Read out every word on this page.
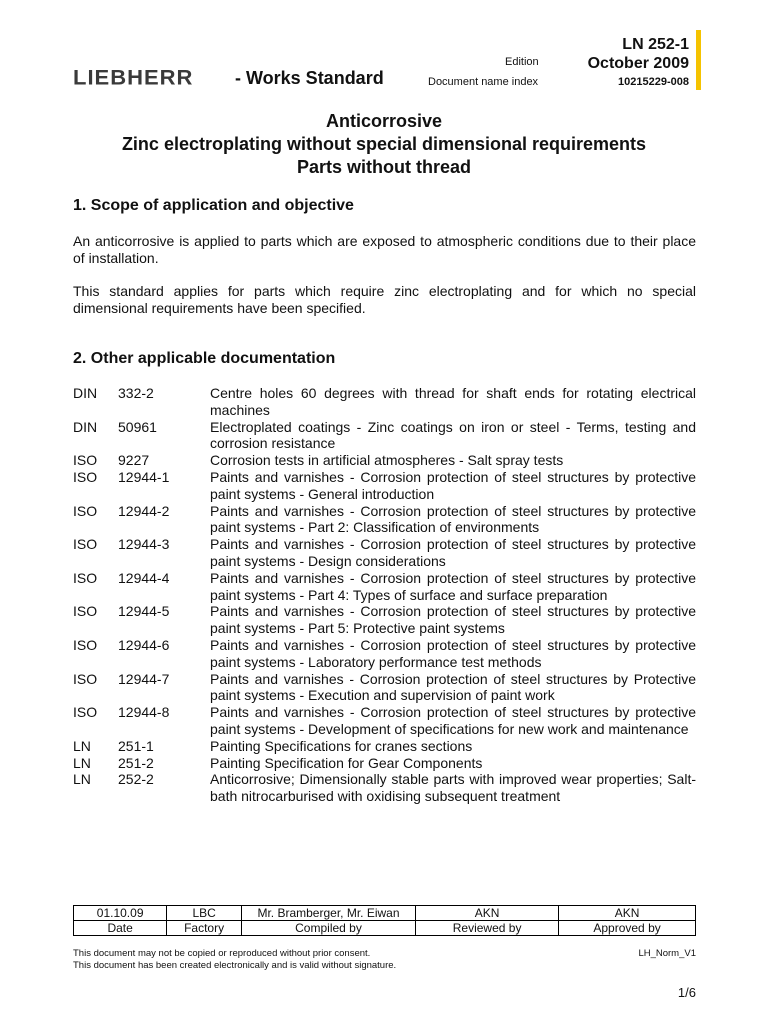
LIEBHERR - Works Standard
Edition
Document name index
LN 252-1
October 2009
10215229-008
Anticorrosive
Zinc electroplating without special dimensional requirements
Parts without thread
1. Scope of application and objective
An anticorrosive is applied to parts which are exposed to atmospheric conditions due to their place of installation.
This standard applies for parts which require zinc electroplating and for which no special dimensional requirements have been specified.
2. Other applicable documentation
DIN	332-2	Centre holes 60 degrees with thread for shaft ends for rotating electrical machines
DIN	50961	Electroplated coatings - Zinc coatings on iron or steel - Terms, testing and corrosion resistance
ISO	9227	Corrosion tests in artificial atmospheres - Salt spray tests
ISO	12944-1	Paints and varnishes - Corrosion protection of steel structures by protective paint systems - General introduction
ISO	12944-2	Paints and varnishes - Corrosion protection of steel structures by protective paint systems - Part 2: Classification of environments
ISO	12944-3	Paints and varnishes - Corrosion protection of steel structures by protective paint systems - Design considerations
ISO	12944-4	Paints and varnishes - Corrosion protection of steel structures by protective paint systems - Part 4: Types of surface and surface preparation
ISO	12944-5	Paints and varnishes - Corrosion protection of steel structures by protective paint systems - Part 5: Protective paint systems
ISO	12944-6	Paints and varnishes - Corrosion protection of steel structures by protective paint systems - Laboratory performance test methods
ISO	12944-7	Paints and varnishes - Corrosion protection of steel structures by Protective paint systems - Execution and supervision of paint work
ISO	12944-8	Paints and varnishes - Corrosion protection of steel structures by protective paint systems - Development of specifications for new work and maintenance
LN	251-1	Painting Specifications for cranes sections
LN	251-2	Painting Specification for Gear Components
LN	252-2	Anticorrosive; Dimensionally stable parts with improved wear properties; Salt-bath nitrocarburised with oxidising subsequent treatment
01.10.09	LBC	Mr. Bramberger, Mr. Eiwan	AKN	AKN
Date	Factory	Compiled by	Reviewed by	Approved by
This document may not be copied or reproduced without prior consent.
This document has been created electronically and is valid without signature.
LH_Norm_V1
1/6
